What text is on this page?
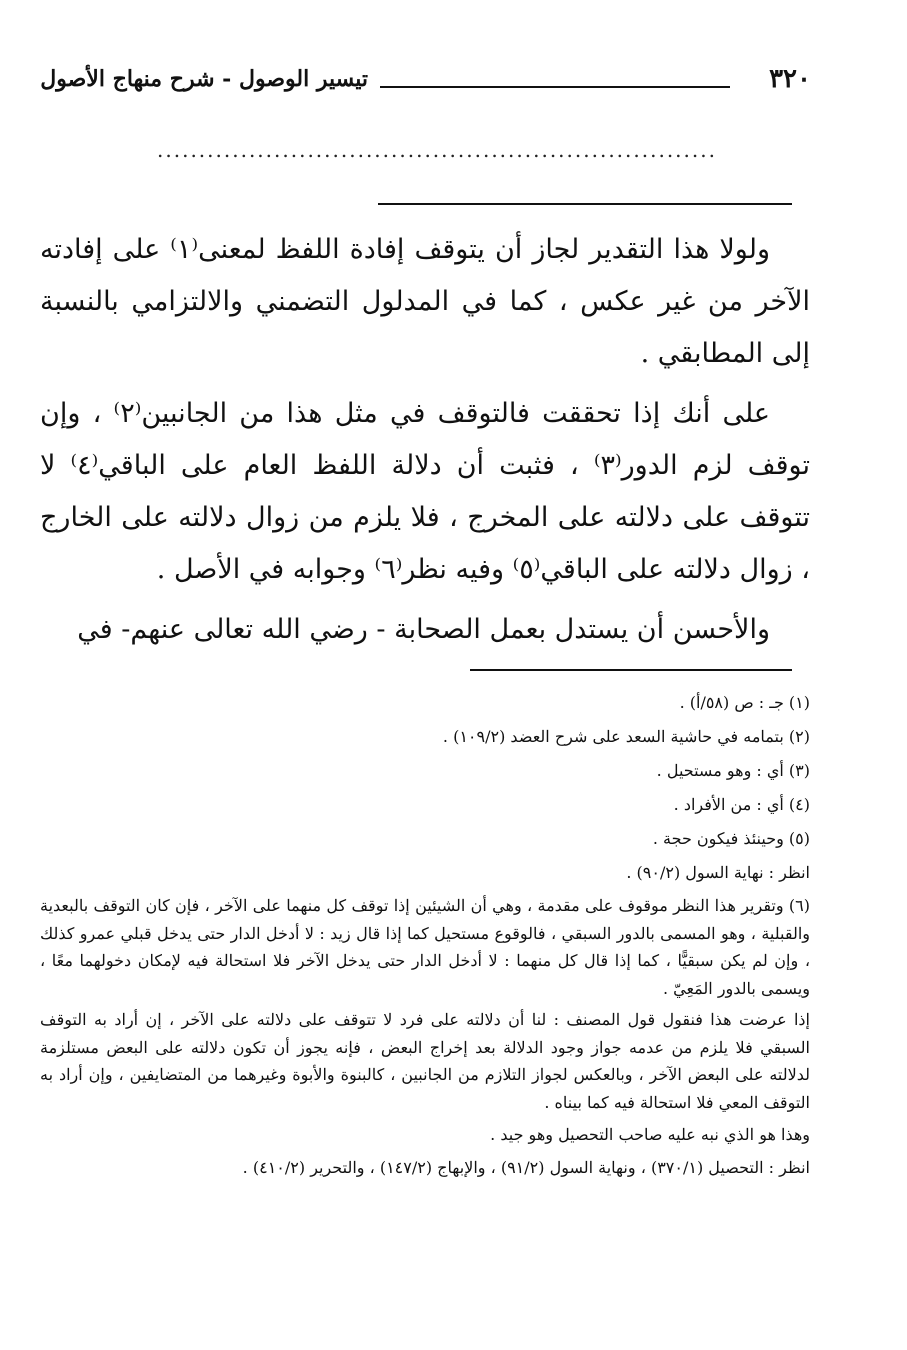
٣٢٠
تيسير الوصول - شرح منهاج الأصول
...................................................................

ولولا هذا التقدير لجاز أن يتوقف إفادة اللفظ لمعنى⁽١⁾ على إفادته الآخر من غير عكس ، كما في المدلول التضمني والالتزامي بالنسبة إلى المطابقي .

على أنك إذا تحققت فالتوقف في مثل هذا من الجانبين⁽٢⁾ ، وإن توقف لزم الدور⁽٣⁾ ، فثبت أن دلالة اللفظ العام على الباقي⁽٤⁾ لا تتوقف على دلالته على المخرج ، فلا يلزم من زوال دلالته على الخارج ، زوال دلالته على الباقي⁽٥⁾ وفيه نظر⁽٦⁾ وجوابه في الأصل .

والأحسن أن يستدل بعمل الصحابة - رضي الله تعالى عنهم- في

(١) جـ : ص (٥٨/أ) .

(٢) بتمامه في حاشية السعد على شرح العضد (١٠٩/٢) .

(٣) أي : وهو مستحيل .

(٤) أي : من الأفراد .

(٥) وحينئذ فيكون حجة .

انظر : نهاية السول (٩٠/٢) .

(٦) وتقرير هذا النظر موقوف على مقدمة ، وهي أن الشيئين إذا توقف كل منهما على الآخر ، فإن كان التوقف بالبعدية والقبلية ، وهو المسمى بالدور السبقي ، فالوقوع مستحيل كما إذا قال زيد : لا أدخل الدار حتى يدخل قبلي عمرو كذلك ، وإن لم يكن سبقيًّا ، كما إذا قال كل منهما : لا أدخل الدار حتى يدخل الآخر فلا استحالة فيه لإمكان دخولهما معًا ، ويسمى بالدور المَعِيّ .

إذا عرضت هذا فنقول قول المصنف : لنا أن دلالته على فرد لا تتوقف على دلالته على الآخر ، إن أراد به التوقف السبقي فلا يلزم من عدمه جواز وجود الدلالة بعد إخراج البعض ، فإنه يجوز أن تكون دلالته على البعض مستلزمة لدلالته على البعض الآخر ، وبالعكس لجواز التلازم من الجانبين ، كالبنوة والأبوة وغيرهما من المتضايفين ، وإن أراد به التوقف المعي فلا استحالة فيه كما بيناه .

وهذا هو الذي نبه عليه صاحب التحصيل وهو جيد .

انظر : التحصيل (٣٧٠/١) ، ونهاية السول (٩١/٢) ، والإبهاج (١٤٧/٢) ، والتحرير (٤١٠/٢) .
